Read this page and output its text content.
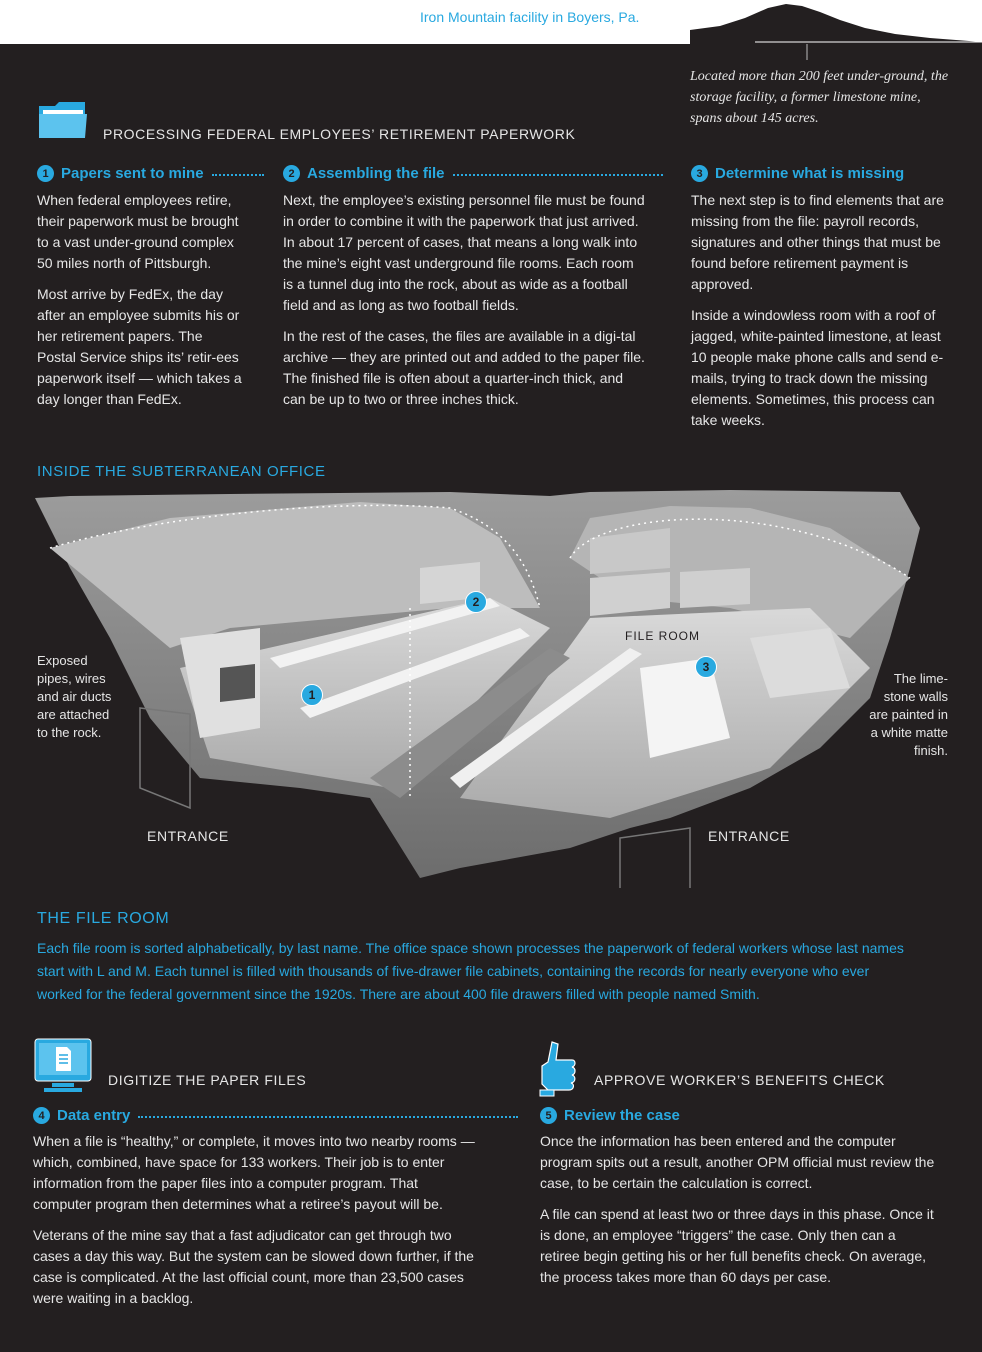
Iron Mountain facility in Boyers, Pa.
Located more than 200 feet under-ground, the storage facility, a former limestone mine, spans about 145 acres.
PROCESSING FEDERAL EMPLOYEES’ RETIREMENT PAPERWORK
1 Papers sent to mine

When federal employees retire, their paperwork must be brought to a vast under-ground complex 50 miles north of Pittsburgh.

Most arrive by FedEx, the day after an employee submits his or her retirement papers. The Postal Service ships its’ retir-ees paperwork itself — which takes a day longer than FedEx.

2 Assembling the file

Next, the employee’s existing personnel file must be found in order to combine it with the paperwork that just arrived. In about 17 percent of cases, that means a long walk into the mine’s eight vast underground file rooms. Each room is a tunnel dug into the rock, about as wide as a football field and as long as two football fields.

In the rest of the cases, the files are available in a digi-tal archive — they are printed out and added to the paper file. The finished file is often about a quarter-inch thick, and can be up to two or three inches thick.

3 Determine what is missing

The next step is to find elements that are missing from the file: payroll records, signatures and other things that must be found before retirement payment is approved.

Inside a windowless room with a roof of jagged, white-painted limestone, at least 10 people make phone calls and send e-mails, trying to track down the missing elements. Sometimes, this process can take weeks.

INSIDE THE SUBTERRANEAN OFFICE
1
2
3
FILE ROOM
Exposed pipes, wires and air ducts are attached to the rock.
The lime-stone walls are painted in a white matte finish.
ENTRANCE	ENTRANCE
THE FILE ROOM
Each file room is sorted alphabetically, by last name. The office space shown processes the paperwork of federal workers whose last names start with L and M. Each tunnel is filled with thousands of five-drawer file cabinets, containing the records for nearly everyone who ever worked for the federal government since the 1920s. There are about 400 file drawers filled with people named Smith.
DIGITIZE THE PAPER FILES	APPROVE WORKER’S BENEFITS CHECK
4 Data entry

When a file is “healthy,” or complete, it moves into two nearby rooms — which, combined, have space for 133 workers. Their job is to enter information from the paper files into a computer program. That computer program then determines what a retiree’s payout will be.

Veterans of the mine say that a fast adjudicator can get through two cases a day this way. But the system can be slowed down further, if the case is complicated. At the last official count, more than 23,500 cases were waiting in a backlog.

5 Review the case

Once the information has been entered and the computer program spits out a result, another OPM official must review the case, to be certain the calculation is correct.

A file can spend at least two or three days in this phase. Once it is done, an employee “triggers” the case. Only then can a retiree begin getting his or her full benefits check. On average, the process takes more than 60 days per case.
